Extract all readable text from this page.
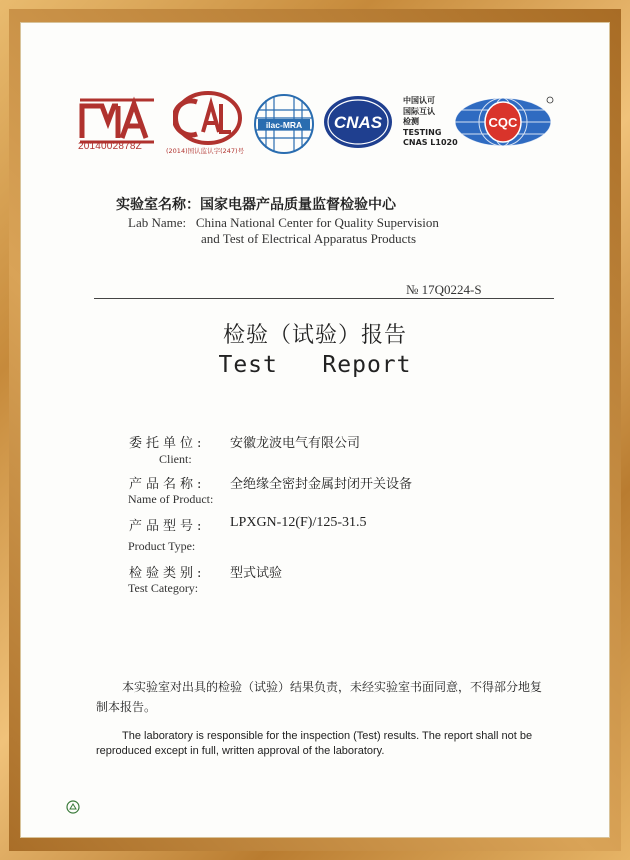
2014002878Z	(2014)国认监认字(247)号
ilac-MRA CNAS
中国认可
国际互认
检测
TESTING
CNAS L1020
CQC
实验室名称：国家电器产品质量监督检验中心
Lab Name: China National Center for Quality Supervision
and Test of Electrical Apparatus Products
№ 17Q0224-S
检验（试验）报告
Test   Report
委托单位: 安徽龙波电气有限公司
Client:
产品名称: 全绝缘全密封金属封闭开关设备
Name of Product:
产品型号: LPXGN-12(F)/125-31.5
Product Type:
检验类别: 型式试验
Test Category:
本实验室对出具的检验（试验）结果负责，未经实验室书面同意，不得部分地复制本报告。
The laboratory is responsible for the inspection (Test) results. The report shall not be reproduced except in full, written approval of the laboratory.
